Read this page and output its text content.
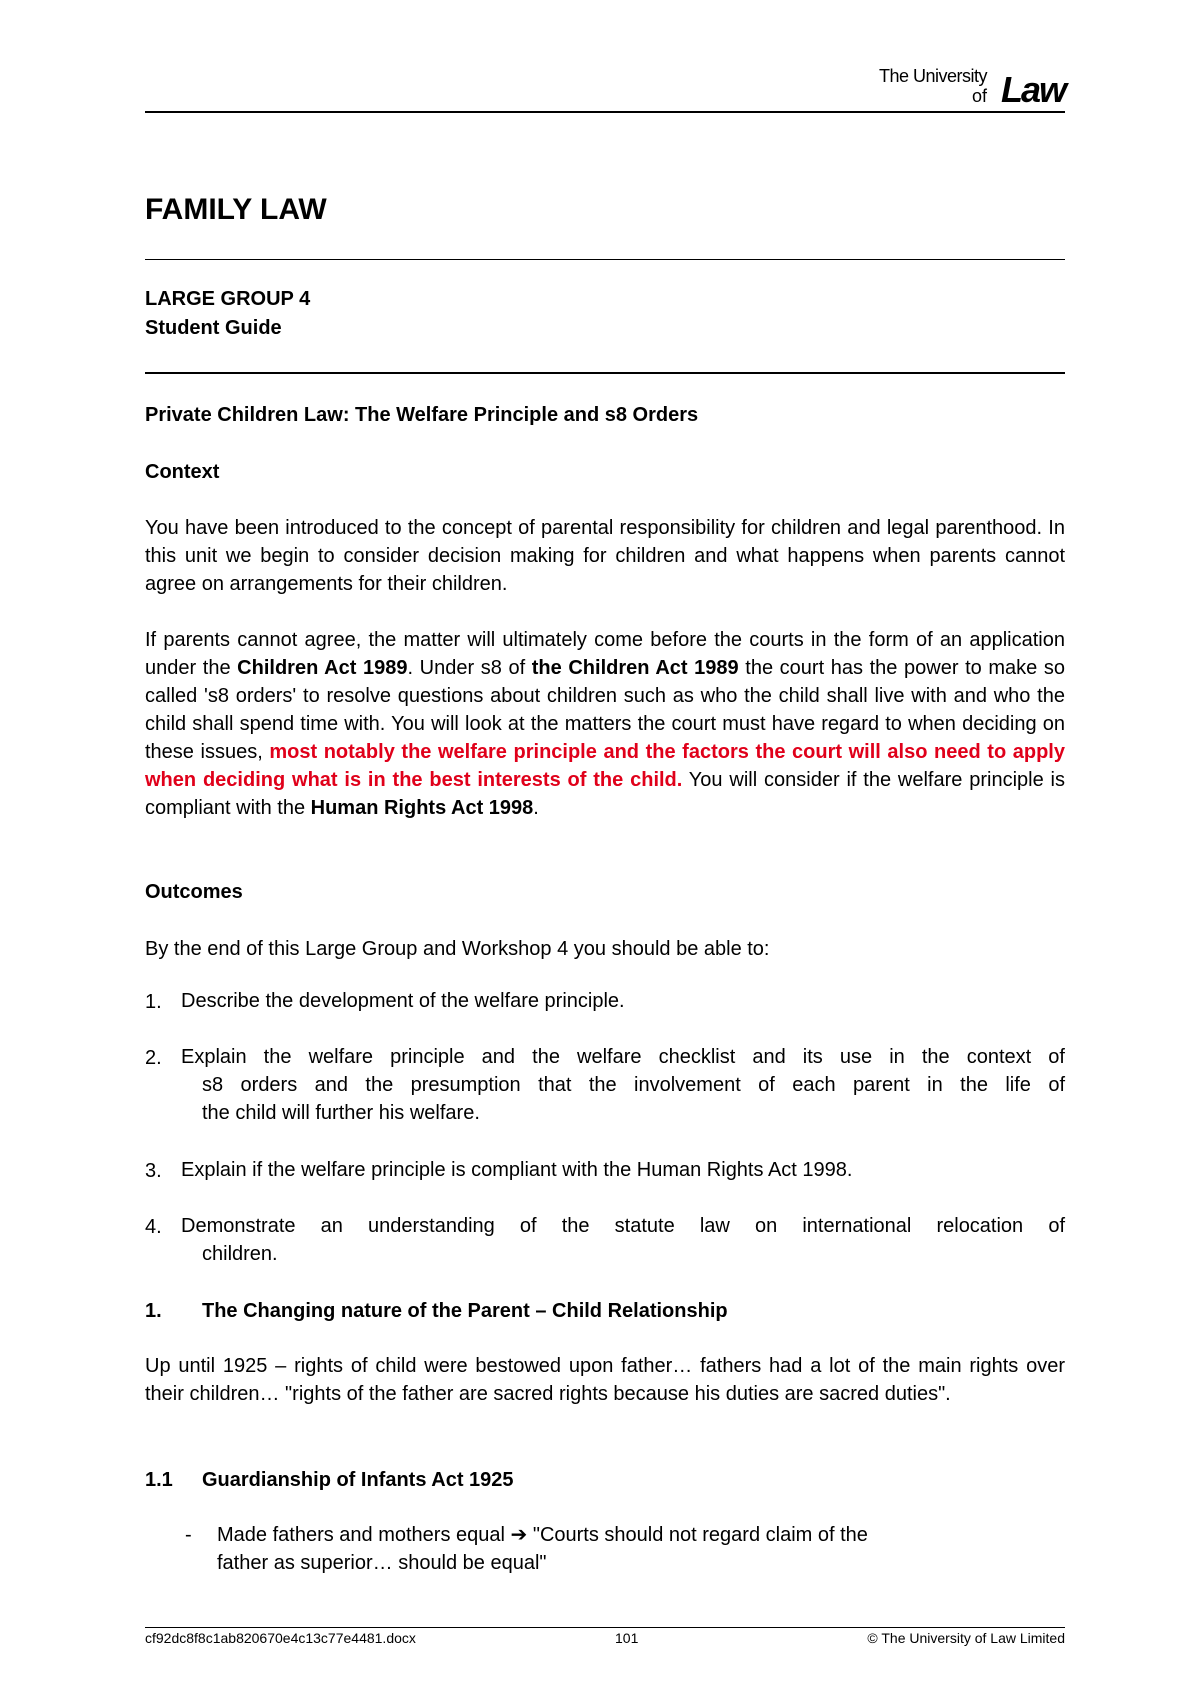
The University
of Law
FAMILY LAW
LARGE GROUP 4
Student Guide
Private Children Law: The Welfare Principle and s8 Orders
Context
You have been introduced to the concept of parental responsibility for children and legal parenthood. In this unit we begin to consider decision making for children and what happens when parents cannot agree on arrangements for their children.
If parents cannot agree, the matter will ultimately come before the courts in the form of an application under the Children Act 1989. Under s8 of the Children Act 1989 the court has the power to make so called 's8 orders' to resolve questions about children such as who the child shall live with and who the child shall spend time with. You will look at the matters the court must have regard to when deciding on these issues, most notably the welfare principle and the factors the court will also need to apply when deciding what is in the best interests of the child. You will consider if the welfare principle is compliant with the Human Rights Act 1998.
Outcomes
By the end of this Large Group and Workshop 4 you should be able to:
1. Describe the development of the welfare principle.
2. Explain the welfare principle and the welfare checklist and its use in the context of
s8 orders and the presumption that the involvement of each parent in the life of
the child will further his welfare.
3. Explain if the welfare principle is compliant with the Human Rights Act 1998.
4. Demonstrate an understanding of the statute law on international relocation of
children.
1. The Changing nature of the Parent – Child Relationship
Up until 1925 – rights of child were bestowed upon father… fathers had a lot of the main rights over their children… "rights of the father are sacred rights because his duties are sacred duties".
1.1 Guardianship of Infants Act 1925
- Made fathers and mothers equal ➔ "Courts should not regard claim of the
father as superior… should be equal"
cf92dc8f8c1ab820670e4c13c77e4481.docx	101	© The University of Law Limited
